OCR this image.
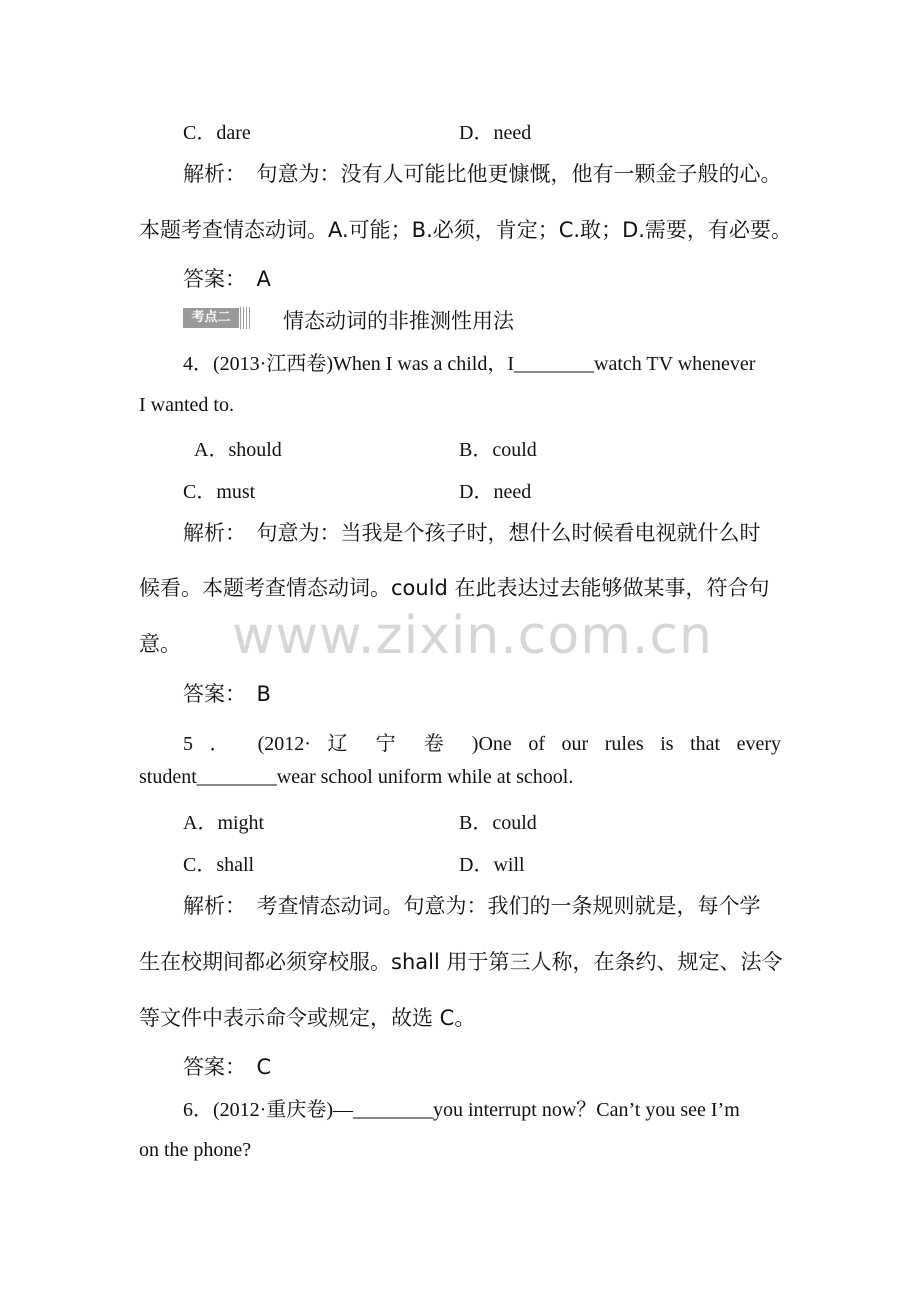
C．dare	D．need
解析：　句意为：没有人可能比他更慷慨，他有一颗金子般的心。
本题考查情态动词。A.可能；B.必须，肯定；C.敢；D.需要，有必要。
答案：　A
考点二	情态动词的非推测性用法
4．(2013·江西卷)When I was a child，I________watch TV whenever
I wanted to.
A．should	B．could
C．must	D．need
解析：　句意为：当我是个孩子时，想什么时候看电视就什么时
候看。本题考查情态动词。could 在此表达过去能够做某事，符合句
意。
答案：　B
www.zixin.com.cn
5 ． (2012· 辽 宁 卷 )One of our rules is that every
student________wear school uniform while at school.
A．might	B．could
C．shall	D．will
解析：　考查情态动词。句意为：我们的一条规则就是，每个学
生在校期间都必须穿校服。shall 用于第三人称，在条约、规定、法令
等文件中表示命令或规定，故选 C。
答案：　C
6．(2012·重庆卷)—________you interrupt now？Can’t you see I’m
on the phone?
